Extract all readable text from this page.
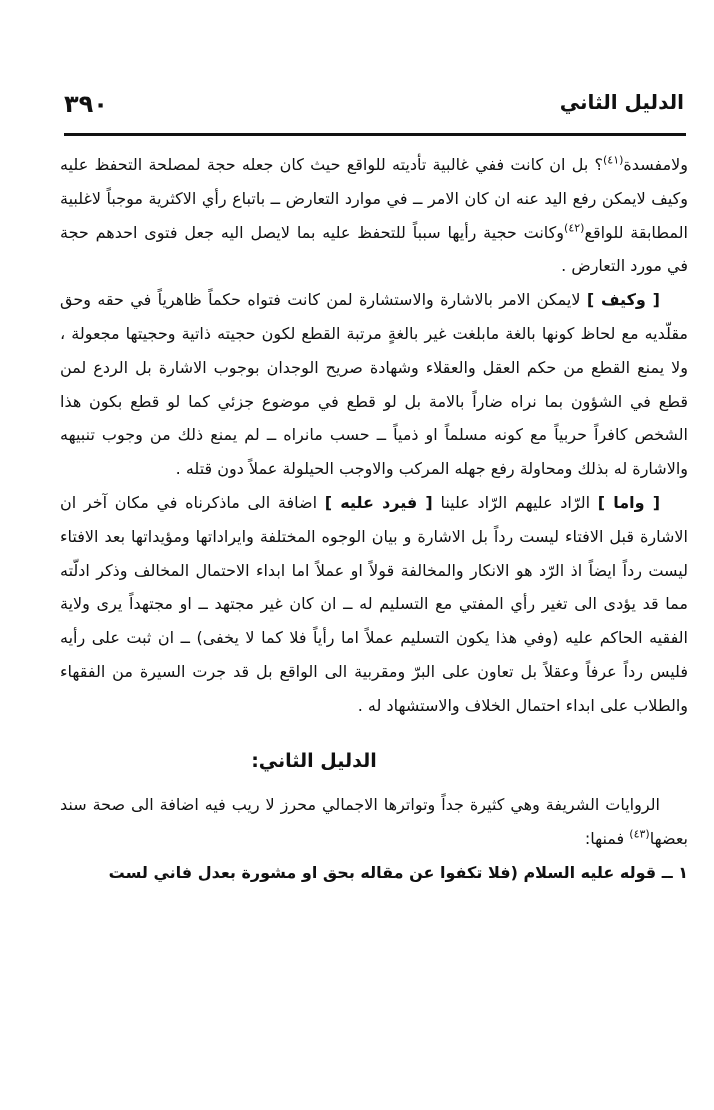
٣٩٠	الدليل الثاني

ولامفسدة$^{(٤١)}$؟ بل ان كانت ففي غالبية تأديته للواقع حيث كان جعله حجة لمصلحة التحفظ عليه وكيف لايمكن رفع اليد عنه ان كان الامر ــ في موارد التعارض ــ باتباع رأي الاكثرية موجباً لاغلبية المطابقة للواقع$^{(٤٢)}$وكانت حجية رأيها سبباً للتحفظ عليه بما لايصل اليه جعل فتوى احدهم حجة في مورد التعارض .

[ وكيف ] لايمكن الامر بالاشارة والاستشارة لمن كانت فتواه حكماً ظاهرياً في حقه وحق مقلّديه مع لحاظ كونها بالغة مابلغت غير بالغةٍ مرتبة القطع لكون حجيته ذاتية وحجيتها مجعولة ، ولا يمنع القطع من حكم العقل والعقلاء وشهادة صريح الوجدان بوجوب الاشارة بل الردع لمن قطع في الشؤون بما نراه ضاراً بالامة بل لو قطع في موضوع جزئي كما لو قطع بكون هذا الشخص كافراً حربياً مع كونه مسلماً او ذمياً ــ حسب مانراه ــ لم يمنع ذلك من وجوب تنبيهه والاشارة له بذلك ومحاولة رفع جهله المركب والاوجب الحيلولة عملاً دون قتله .

[ واما ] الرّاد عليهم الرّاد علينا [ فيرد عليه ] اضافة الى ماذكرناه في مكان آخر ان الاشارة قبل الافتاء ليست رداً بل الاشارة و بيان الوجوه المختلفة وايراداتها ومؤيداتها بعد الافتاء ليست رداً ايضاً اذ الرّد هو الانكار والمخالفة قولاً او عملاً اما ابداء الاحتمال المخالف وذكر ادلّته مما قد يؤدى الى تغير رأي المفتي مع التسليم له ــ ان كان غير مجتهد ــ او مجتهداً يرى ولاية الفقيه الحاكم عليه (وفي هذا يكون التسليم عملاً اما رأياً فلا كما لا يخفى) ــ ان ثبت على رأيه فليس رداً عرفاً وعقلاً بل تعاون على البرّ ومقربية الى الواقع بل قد جرت السيرة من الفقهاء والطلاب على ابداء احتمال الخلاف والاستشهاد له .

الدليل الثاني:

الروايات الشريفة وهي كثيرة جداً وتواترها الاجمالي محرز لا ريب فيه اضافة الى صحة سند بعضها$^{(٤٣)}$ فمنها:

١ ــ قوله عليه السلام (فلا تكفوا عن مقاله بحق او مشورة بعدل فاني لست
